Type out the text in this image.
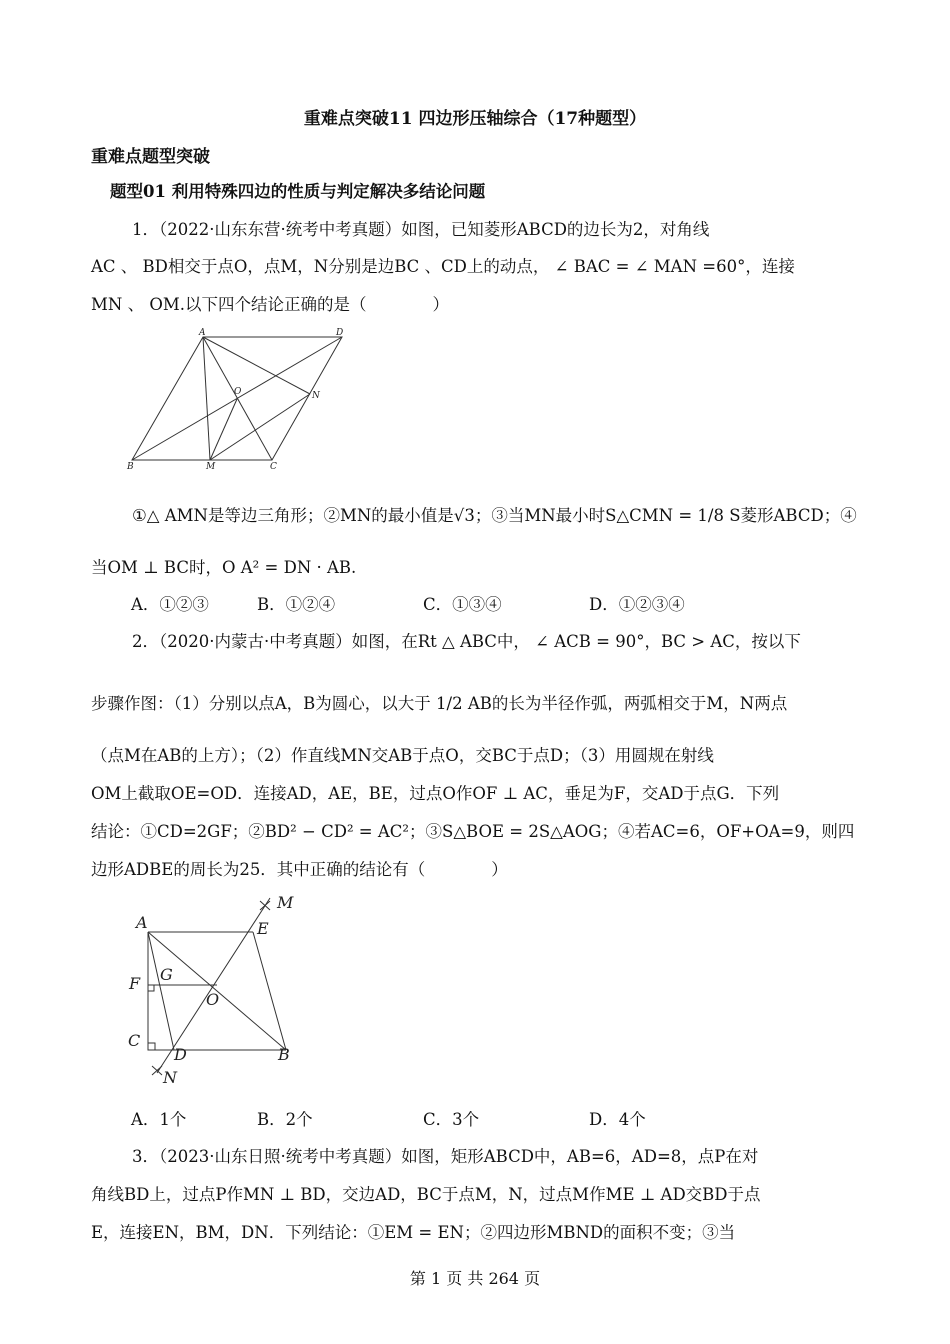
重难点突破11 四边形压轴综合（17种题型）
重难点题型突破
题型01 利用特殊四边的性质与判定解决多结论问题
1．（2022·山东东营·统考中考真题）如图，已知菱形ABCD的边长为2，对角线
AC 、 BD相交于点O，点M，N分别是边BC 、CD上的动点， ∠ BAC = ∠ MAN =60°，连接
MN 、 OM.以下四个结论正确的是（　　　　）
A	D
O	N
B	M	C
①△ AMN是等边三角形；②MN的最小值是√3；③当MN最小时S△CMN = 1/8 S菱形ABCD；④
当OM ⊥ BC时，O A² = DN · AB.
A．①②③	B．①②④	C．①③④	D．①②③④
2．（2020·内蒙古·中考真题）如图，在Rt △ ABC中， ∠ ACB = 90°，BC > AC，按以下
步骤作图：（1）分别以点A，B为圆心，以大于 1/2 AB的长为半径作弧，两弧相交于M，N两点
（点M在AB的上方）；（2）作直线MN交AB于点O，交BC于点D；（3）用圆规在射线
OM上截取OE=OD．连接AD，AE，BE，过点O作OF ⊥ AC，垂足为F，交AD于点G．下列
结论：①CD=2GF；②BD² − CD² = AC²；③S△BOE = 2S△AOG；④若AC=6，OF+OA=9，则四
边形ADBE的周长为25．其中正确的结论有（　　　　）
A
M
E
G
F
O
C
D	B
N
A．1个	B．2个	C．3个	D．4个
3．（2023·山东日照·统考中考真题）如图，矩形ABCD中，AB=6，AD=8，点P在对
角线BD上，过点P作MN ⊥ BD，交边AD，BC于点M，N，过点M作ME ⊥ AD交BD于点
E，连接EN，BM，DN．下列结论：①EM = EN；②四边形MBND的面积不变；③当
第 1 页 共 264 页
